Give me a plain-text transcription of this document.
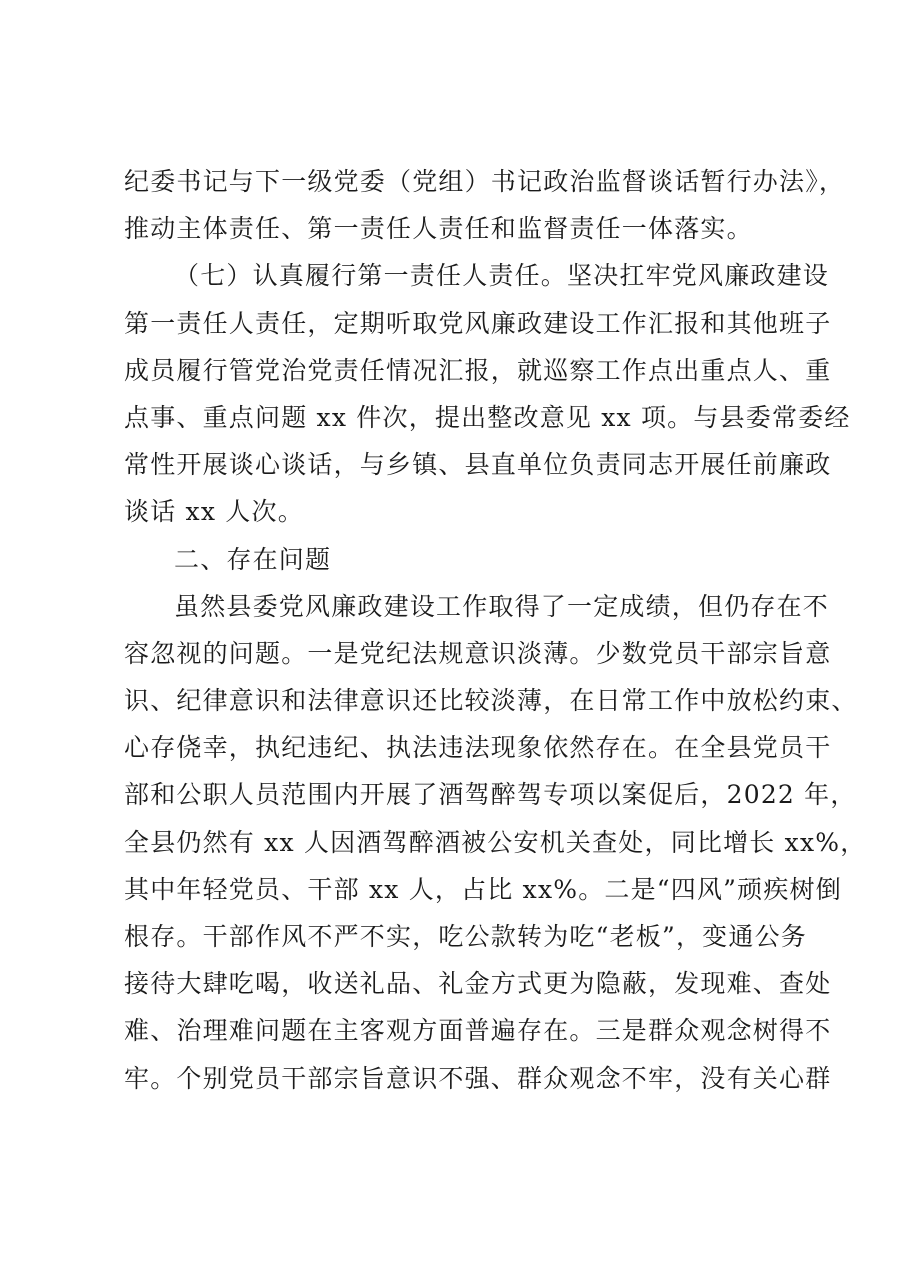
纪委书记与下一级党委（党组）书记政治监督谈话暂行办法》，
推动主体责任、第一责任人责任和监督责任一体落实。
（七）认真履行第一责任人责任。坚决扛牢党风廉政建设
第一责任人责任，定期听取党风廉政建设工作汇报和其他班子
成员履行管党治党责任情况汇报，就巡察工作点出重点人、重
点事、重点问题 xx 件次，提出整改意见 xx 项。与县委常委经
常性开展谈心谈话，与乡镇、县直单位负责同志开展任前廉政
谈话 xx 人次。
二、存在问题
虽然县委党风廉政建设工作取得了一定成绩，但仍存在不
容忽视的问题。一是党纪法规意识淡薄。少数党员干部宗旨意
识、纪律意识和法律意识还比较淡薄，在日常工作中放松约束、
心存侥幸，执纪违纪、执法违法现象依然存在。在全县党员干
部和公职人员范围内开展了酒驾醉驾专项以案促后，2022 年，
全县仍然有 xx 人因酒驾醉酒被公安机关查处，同比增长 xx%，
其中年轻党员、干部 xx 人，占比 xx%。二是“四风”顽疾树倒
根存。干部作风不严不实，吃公款转为吃“老板”，变通公务
接待大肆吃喝，收送礼品、礼金方式更为隐蔽，发现难、查处
难、治理难问题在主客观方面普遍存在。三是群众观念树得不
牢。个别党员干部宗旨意识不强、群众观念不牢，没有关心群
